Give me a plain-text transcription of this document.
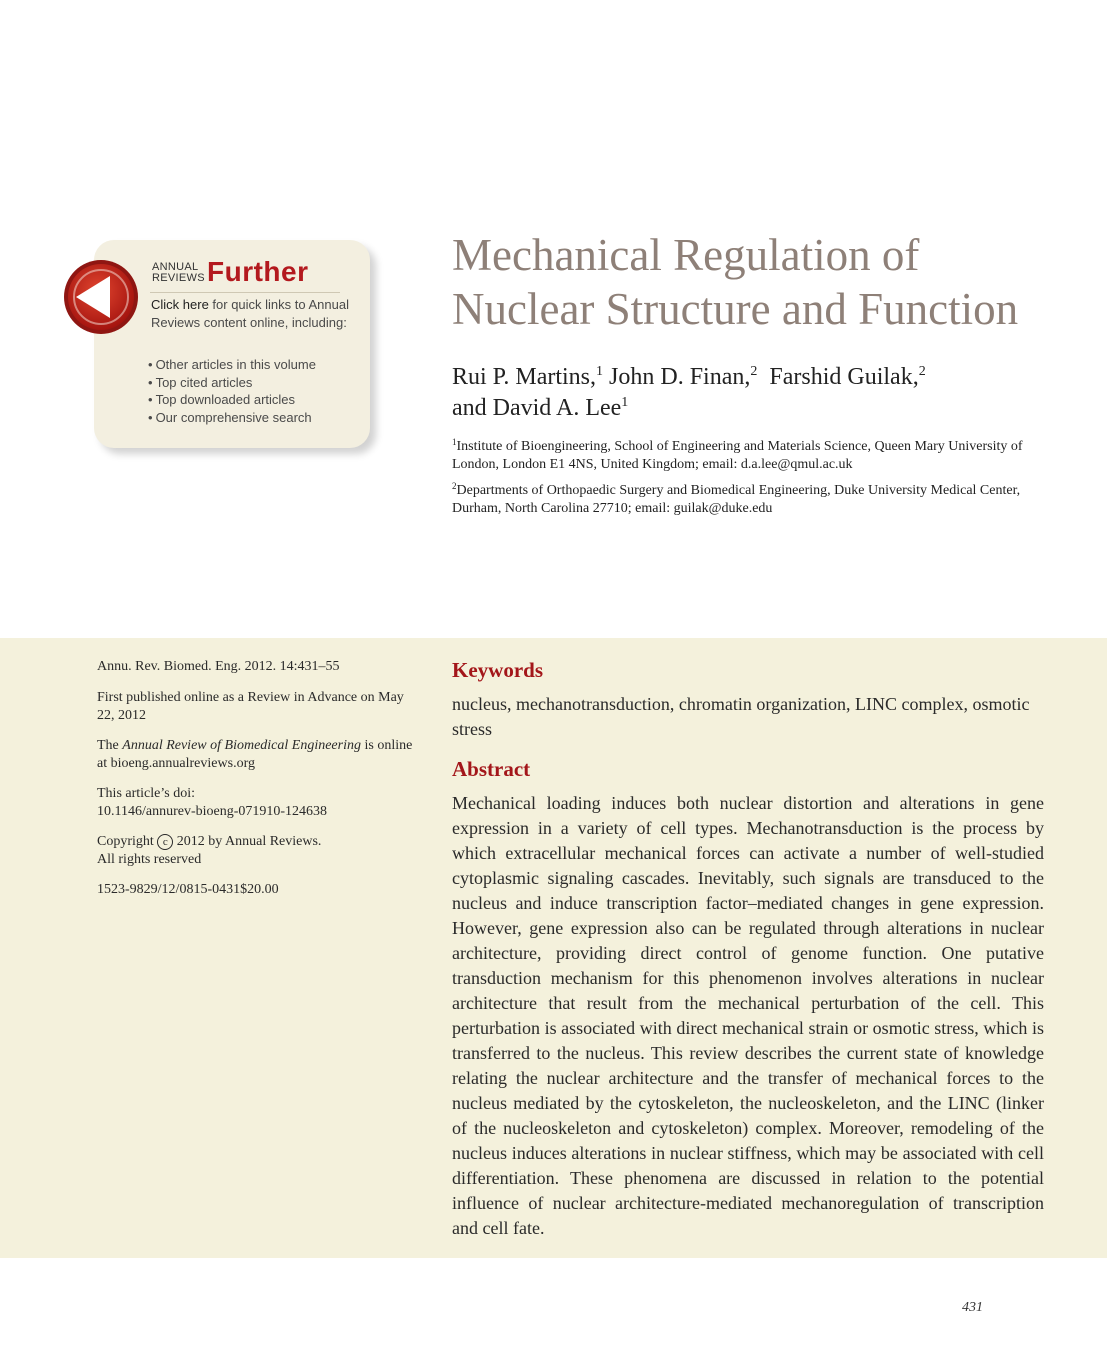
ANNUAL
REVIEWS Further
Click here for quick links to Annual Reviews content online, including:
• Other articles in this volume
• Top cited articles
• Top downloaded articles
• Our comprehensive search
Mechanical Regulation of
Nuclear Structure and Function
Rui P. Martins,$^1$ John D. Finan,$^2$ Farshid Guilak,$^2$
and David A. Lee$^1$
$^1$Institute of Bioengineering, School of Engineering and Materials Science, Queen Mary University of London, London E1 4NS, United Kingdom; email: d.a.lee@qmul.ac.uk
$^2$Departments of Orthopaedic Surgery and Biomedical Engineering, Duke University Medical Center, Durham, North Carolina 27710; email: guilak@duke.edu

Annu. Rev. Biomed. Eng. 2012. 14:431–55

First published online as a Review in Advance on May 22, 2012

The Annual Review of Biomedical Engineering is online at bioeng.annualreviews.org

This article’s doi:
10.1146/annurev-bioeng-071910-124638

Copyright c 2012 by Annual Reviews.
All rights reserved

1523-9829/12/0815-0431$20.00

Keywords
nucleus, mechanotransduction, chromatin organization, LINC complex, osmotic stress
Abstract

Mechanical loading induces both nuclear distortion and alterations in gene expression in a variety of cell types. Mechanotransduction is the process by which extracellular mechanical forces can activate a number of well-studied cytoplasmic signaling cascades. Inevitably, such signals are transduced to the nucleus and induce transcription factor–mediated changes in gene expression. However, gene expression also can be regulated through alterations in nuclear architecture, providing direct control of genome function. One putative transduction mechanism for this phenomenon involves alterations in nuclear architecture that result from the mechanical perturbation of the cell. This perturbation is associated with direct mechanical strain or osmotic stress, which is transferred to the nucleus. This review describes the current state of knowledge relating the nuclear architecture and the transfer of mechanical forces to the nucleus mediated by the cytoskeleton, the nucleoskeleton, and the LINC (linker of the nucleoskeleton and cytoskeleton) complex. Moreover, remodeling of the nucleus induces alterations in nuclear stiffness, which may be associated with cell differentiation. These phenomena are discussed in relation to the potential influence of nuclear architecture-mediated mechanoregulation of transcription and cell fate.

431
